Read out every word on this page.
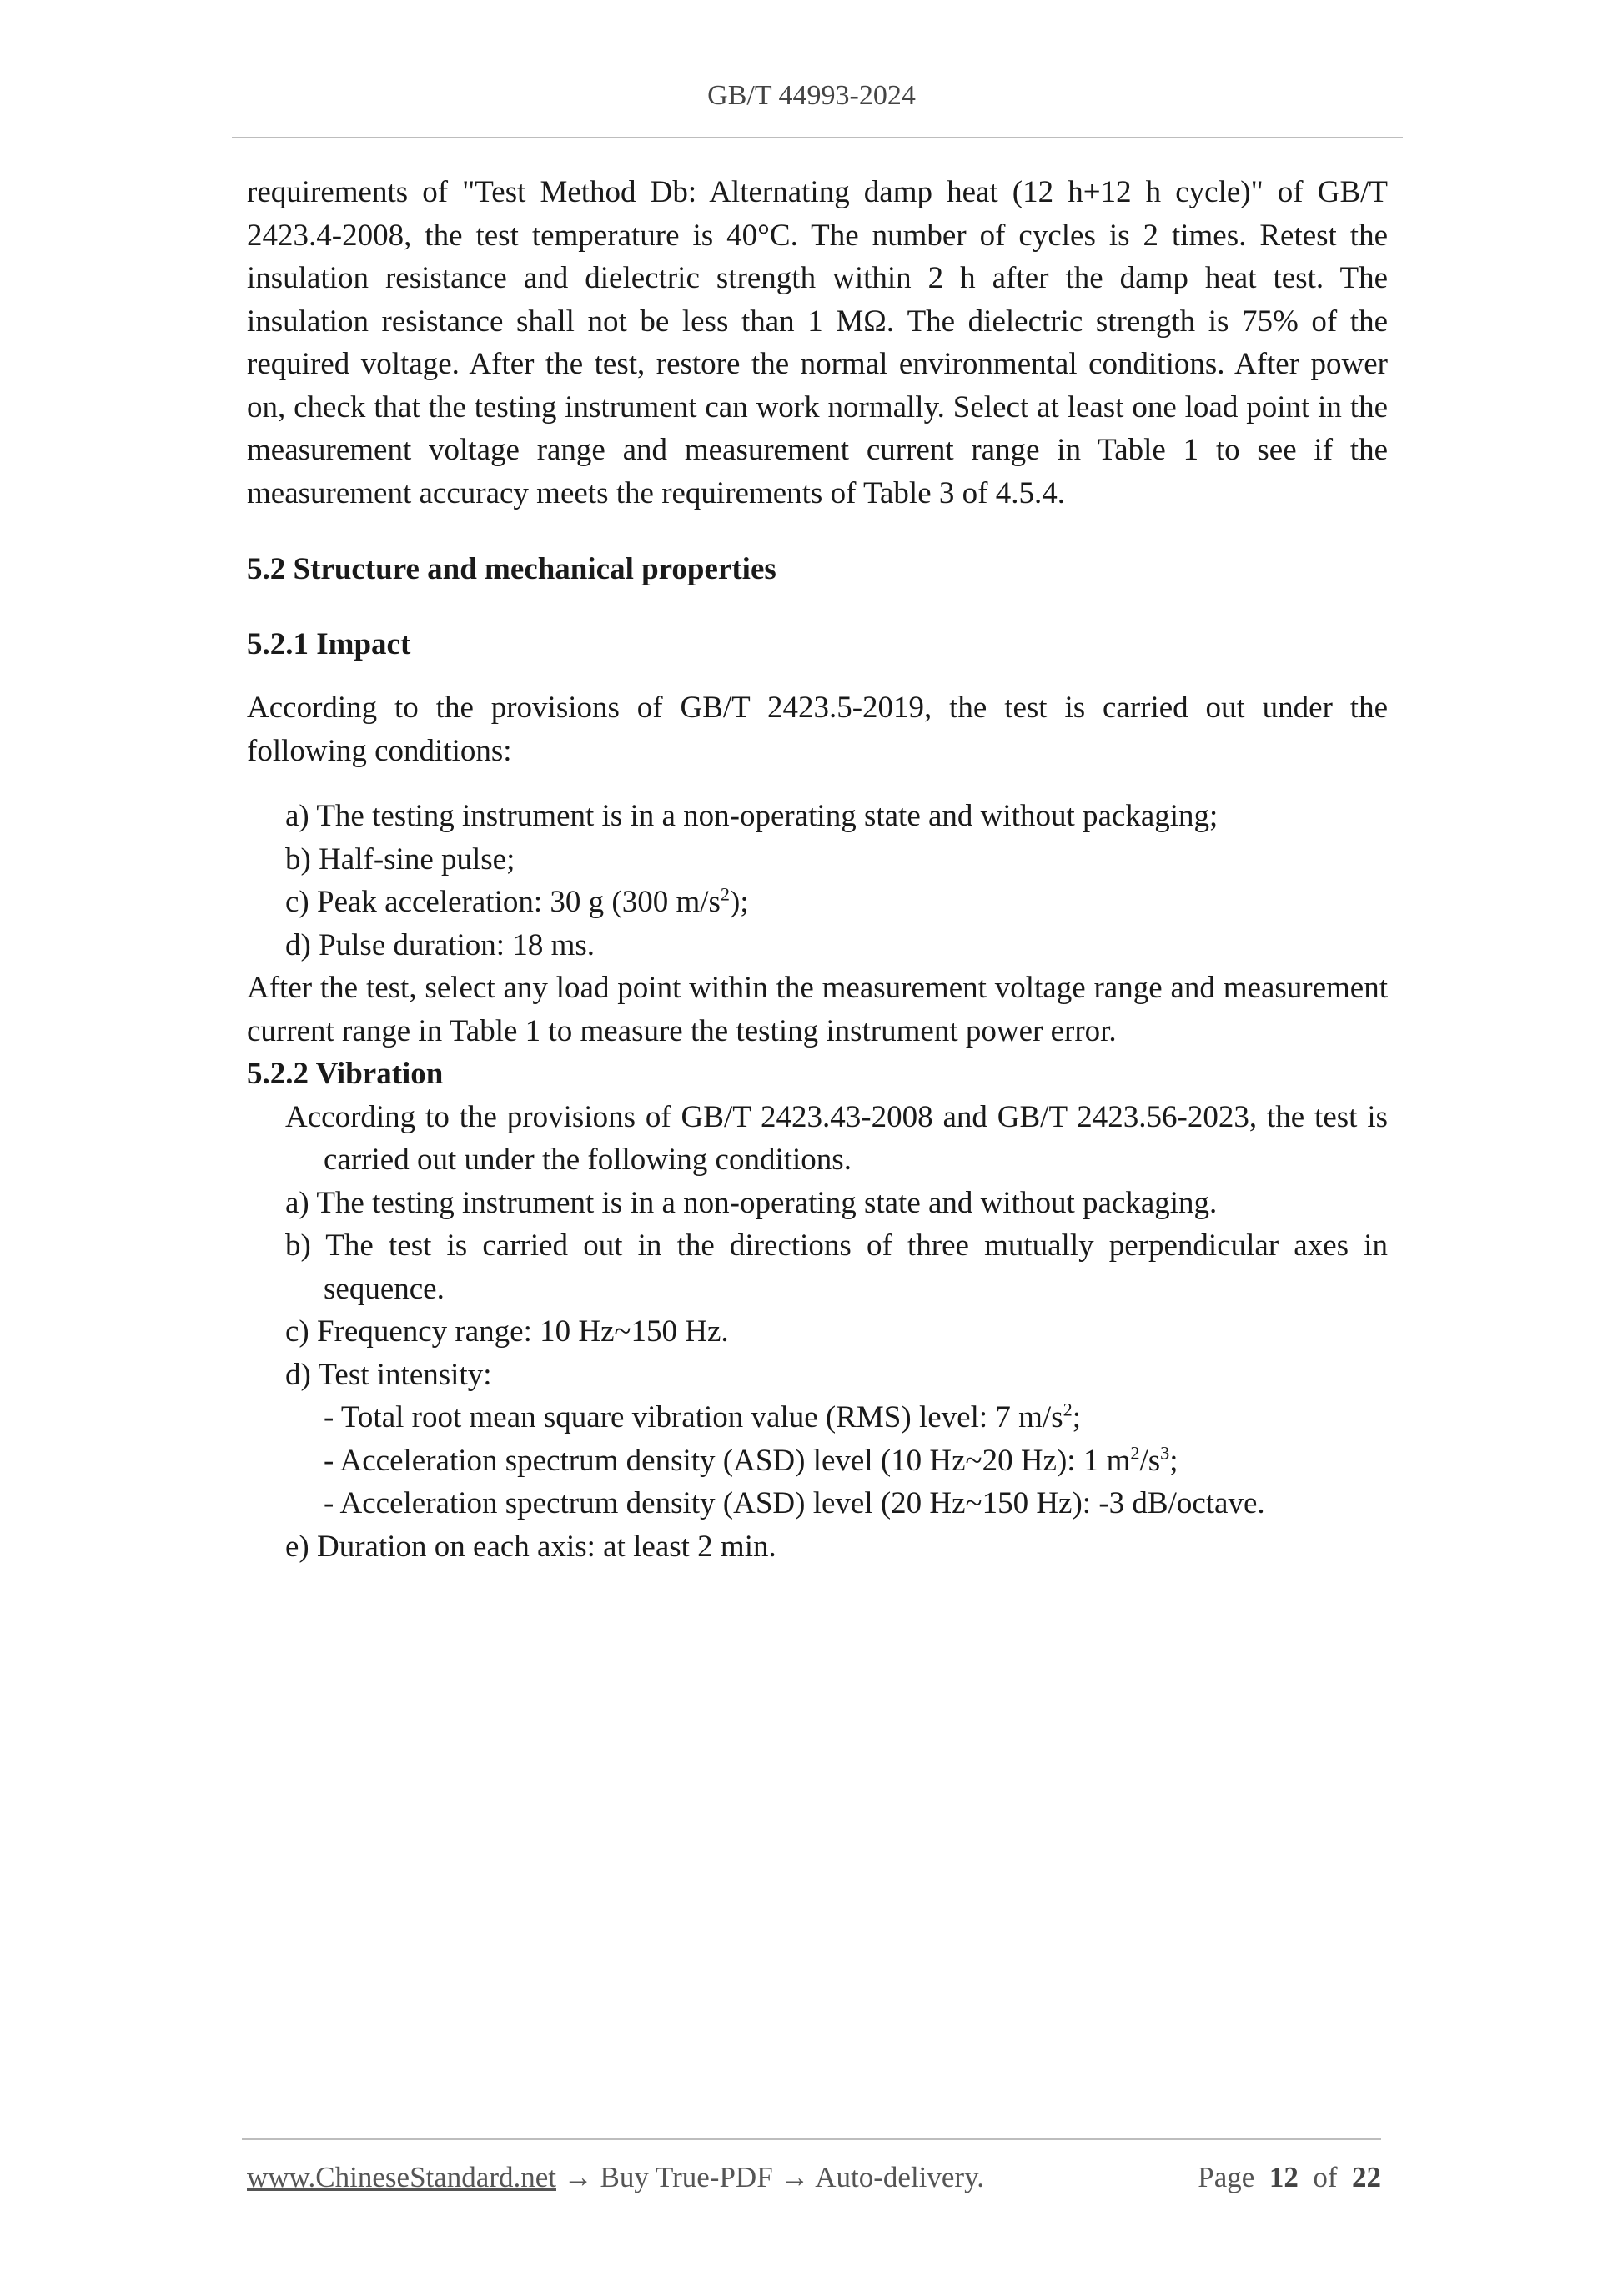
GB/T 44993-2024

requirements of "Test Method Db: Alternating damp heat (12 h+12 h cycle)" of GB/T 2423.4-2008, the test temperature is 40°C. The number of cycles is 2 times. Retest the insulation resistance and dielectric strength within 2 h after the damp heat test. The insulation resistance shall not be less than 1 MΩ. The dielectric strength is 75% of the required voltage. After the test, restore the normal environmental conditions. After power on, check that the testing instrument can work normally. Select at least one load point in the measurement voltage range and measurement current range in Table 1 to see if the measurement accuracy meets the requirements of Table 3 of 4.5.4.

5.2 Structure and mechanical properties

5.2.1 Impact

According to the provisions of GB/T 2423.5-2019, the test is carried out under the following conditions:

a) The testing instrument is in a non-operating state and without packaging;

b) Half-sine pulse;

c) Peak acceleration: 30 g (300 $m/s^2$);

d) Pulse duration: 18 ms.

After the test, select any load point within the measurement voltage range and measurement current range in Table 1 to measure the testing instrument power error.

5.2.2 Vibration

According to the provisions of GB/T 2423.43-2008 and GB/T 2423.56-2023, the test is carried out under the following conditions.

a) The testing instrument is in a non-operating state and without packaging.

b) The test is carried out in the directions of three mutually perpendicular axes in sequence.

c) Frequency range: 10 Hz~150 Hz.

d) Test intensity:

- Total root mean square vibration value (RMS) level: 7 $m/s^2$;

- Acceleration spectrum density (ASD) level (10 Hz~20 Hz): 1 $m^2/s^3$;

- Acceleration spectrum density (ASD) level (20 Hz~150 Hz): -3 dB/octave.

e) Duration on each axis: at least 2 min.

www.ChineseStandard.net → Buy True-PDF → Auto-delivery.	Page 12 of 22
